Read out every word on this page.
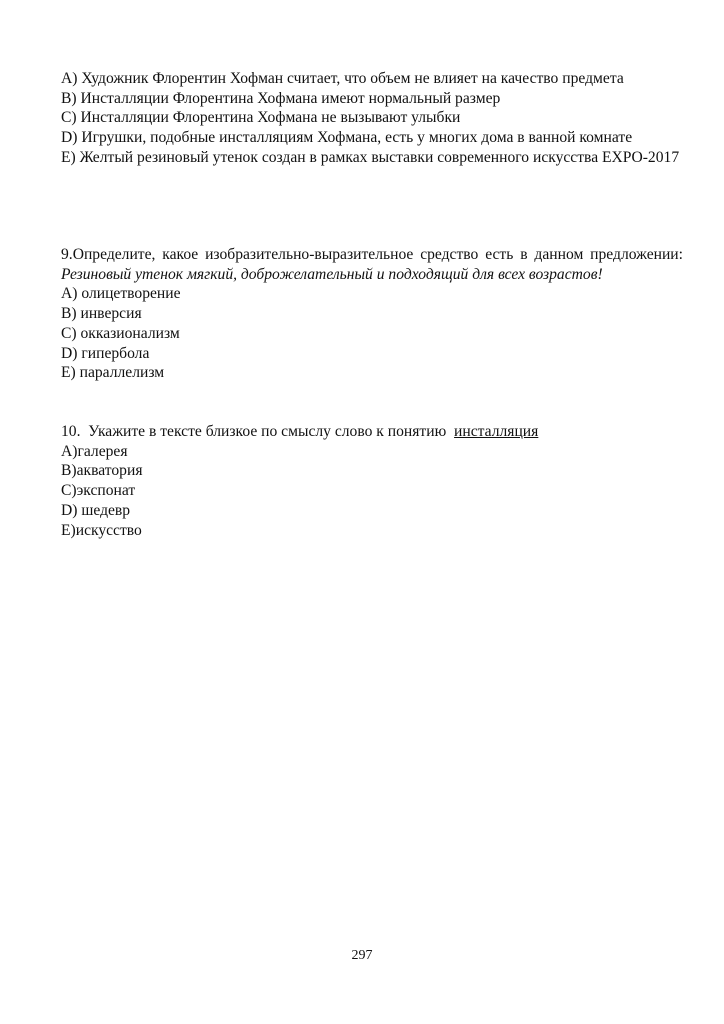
A) Художник Флорентин Хофман считает, что объем не влияет на качество предмета
B) Инсталляции Флорентина Хофмана имеют нормальный размер
C) Инсталляции Флорентина Хофмана не вызывают улыбки
D) Игрушки, подобные инсталляциям Хофмана, есть у многих дома в ванной комнате
E) Желтый резиновый утенок создан в рамках выставки современного искусства EXPO-2017
9.Определите, какое изобразительно-выразительное средство есть в данном предложении: Резиновый утенок мягкий, доброжелательный и подходящий для всех возрастов!
A) олицетворение
B) инверсия
C) окказионализм
D) гипербола
E) параллелизм
10.  Укажите в тексте близкое по смыслу слово к понятию  инсталляция
A)галерея
B)акватория
C)экспонат
D) шедевр
E)искусство
297
